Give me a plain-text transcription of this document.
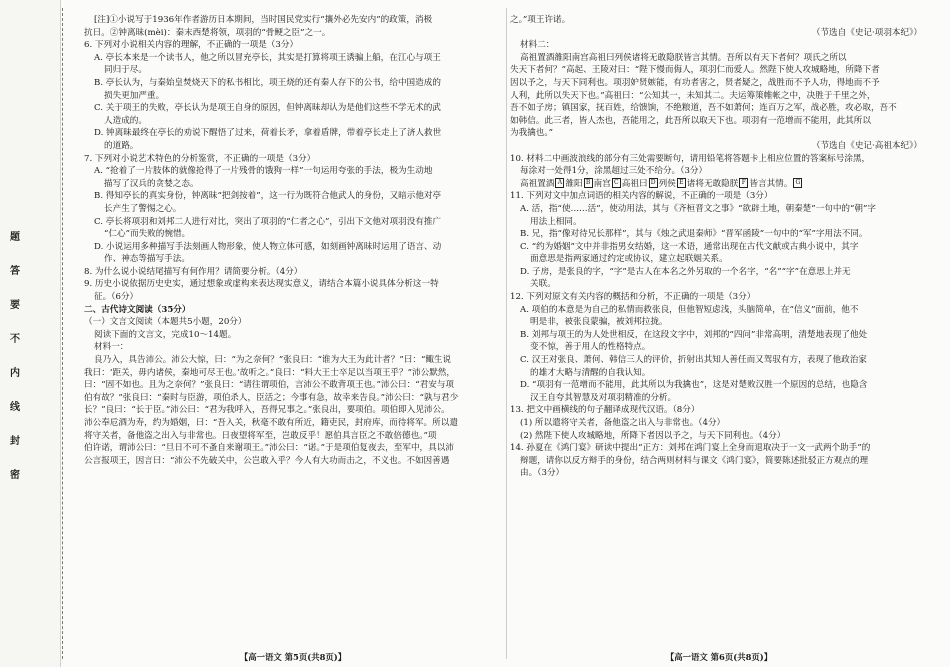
题
答
要
不
内
线
封
密

[注]①小说写于1936年作者游历日本期间，当时国民党实行“攘外必先安内”的政策，消极

抗日。②钟离昧(mèi)：秦末西楚将领，项羽的“骨鲠之臣”之一。

6. 下列对小说相关内容的理解，不正确的一项是（3分）

A. 亭长本来是一个读书人，他之所以冒充亭长，其实是打算将项王诱骗上船，在江心与项王

同归于尽。

B. 亭长认为，与秦始皇焚烧天下的私书相比，项王烧的还有秦人存下的公书，给中国造成的

损失更加严重。

C. 关于项王的失败，亭长认为是项王自身的原因，但钟离昧却认为是他们这些不学无术的武

人造成的。

D. 钟离昧最终在亭长的劝说下醒悟了过来，荷着长矛，拿着盾牌，带着亭长走上了济人救世

的道路。

7. 下列对小说艺术特色的分析鉴赏，不正确的一项是（3分）

A. “抢着了一片肢体的就像抢得了一片残骨的饿狗一样”一句运用夸张的手法，极为生动地

描写了汉兵的贪婪之态。

B. 得知亭长的真实身份，钟离昧“把剑按着”，这一行为既符合他武人的身份，又暗示他对亭

长产生了警惕之心。

C. 亭长将项羽和刘邦二人进行对比，突出了项羽的“仁者之心”，引出下文他对项羽没有推广

“仁心”而失败的惋惜。

D. 小说运用多种描写手法刻画人物形象，使人物立体可感，如刻画钟离昧时运用了语言、动

作、神态等描写手法。

8. 为什么说小说结尾描写有何作用？请简要分析。（4分）

9. 历史小说依据历史史实，通过想象或虚构来表达现实意义，请结合本篇小说具体分析这一特

征。（6分）

二、古代诗文阅读（35分）

（一）文言文阅读（本题共5小题，20分）

阅读下面的文言文，完成10～14题。

材料一：

良乃入，具告沛公。沛公大惊，曰：“为之奈何？”张良曰：“谁为大王为此计者？”曰：“鲰生说

我曰：‘距关，毋内诸侯，秦地可尽王也。’故听之。”良曰：“料大王士卒足以当项王乎？”沛公默然，

曰：“固不如也。且为之奈何？”张良曰：“请往谓项伯，言沛公不敢背项王也。”沛公曰：“君安与项

伯有故？”张良曰：“秦时与臣游，项伯杀人，臣活之；今事有急，故幸来告良。”沛公曰：“孰与君少

长？”良曰：“长于臣。”沛公曰：“君为我呼入，吾得兄事之。”张良出，要项伯。项伯即入见沛公。

沛公奉卮酒为寿，约为婚姻，曰：“吾入关，秋毫不敢有所近，籍吏民，封府库，而待将军。所以遣

将守关者，备他盗之出入与非常也。日夜望将军至，岂敢反乎！愿伯具言臣之不敢倍德也。”项

伯许诺，谓沛公曰：“旦日不可不蚤自来谢项王。”沛公曰：“诺。”于是项伯复夜去，至军中，具以沛

公言报项王，因言曰：“沛公不先破关中，公岂敢入乎？今人有大功而击之，不义也。不如因善遇

【高一语文 第5页(共8页)】

之。”项王许诺。

（节选自《史记·项羽本纪》）

材料二：

高祖置酒雒阳南宫高祖曰列侯诸将无敢隐朕皆言其情。吾所以有天下者何？项氏之所以

失天下者何？”高起、王陵对曰：“陛下慢而侮人，项羽仁而爱人。然陛下使人攻城略地，所降下者

因以予之，与天下同利也。项羽妒贤嫉能，有功者害之，贤者疑之，战胜而不予人功，得地而不予

人利，此所以失天下也。”高祖曰：“公知其一，未知其二。夫运筹策帷帐之中，决胜于千里之外，

吾不如子房；镇国家，抚百姓，给馈饷，不绝粮道，吾不如萧何；连百万之军，战必胜，攻必取，吾不

如韩信。此三者，皆人杰也，吾能用之，此吾所以取天下也。项羽有一范增而不能用，此其所以

为我擒也。”

（节选自《史记·高祖本纪》）

10. 材料二中画波浪线的部分有三处需要断句，请用铅笔将答题卡上相应位置的答案标号涂黑，

每涂对一处得1分，涂黑超过三处不给分。（3分）

高祖置酒 A 雒阳 B 南宫 C 高祖曰 D 列侯 E 诸将无敢隐朕 F 皆言其情。 G

11. 下列对文中加点词语的相关内容的解说，不正确的一项是（3分）

A. 活，指“使……活”，使动用法，其与《齐桓晋文之事》“欲辟土地，朝秦楚”一句中的“朝”字

用法上相同。

B. 兄，指“像对待兄长那样”，其与《烛之武退秦师》“晋军函陵”一句中的“军”字用法不同。

C. “约为婚姻”文中并非指男女结婚，这一术语，通常出现在古代文献或古典小说中，其字

面意思是指两家通过约定或协议，建立起联姻关系。

D. 子房，是张良的字，“字”是古人在本名之外另取的一个名字，“名”“字”在意思上并无

关联。

12. 下列对原文有关内容的概括和分析，不正确的一项是（3分）

A. 项伯的本意是为自己的私情而救张良，但他智短虑浅，头脑简单，在“信义”面前，他不

明是非，被张良蒙骗，被刘邦拉拢。

B. 刘邦与项王的为人处世相反，在这段文字中，刘邦的“四问”非常高明，清楚地表现了他处

变不惊，善于用人的性格特点。

C. 汉王对张良、萧何、韩信三人的评价，折射出其知人善任而又驾驭有方，表现了他政治家

的雄才大略与清醒的自我认知。

D. “项羽有一范增而不能用，此其所以为我擒也”，这是对楚败汉胜一个原因的总结，也隐含

汉王自夸其智慧及对项羽精准的分析。

13. 把文中画横线的句子翻译成现代汉语。（8分）

(1) 所以遣将守关者，备他盗之出入与非常也。（4分）

(2) 然陛下使人攻城略地，所降下者因以予之，与天下同利也。（4分）

14. 孙夏在《鸿门宴》研读中提出“正方：刘邦在鸿门宴上全身而退取决于一文一武两个助手”的

辩题，请你以反方辩手的身份，结合两则材料与课文《鸿门宴》，简要陈述批驳正方观点的理

由。（3分）

【高一语文 第6页(共8页)】
